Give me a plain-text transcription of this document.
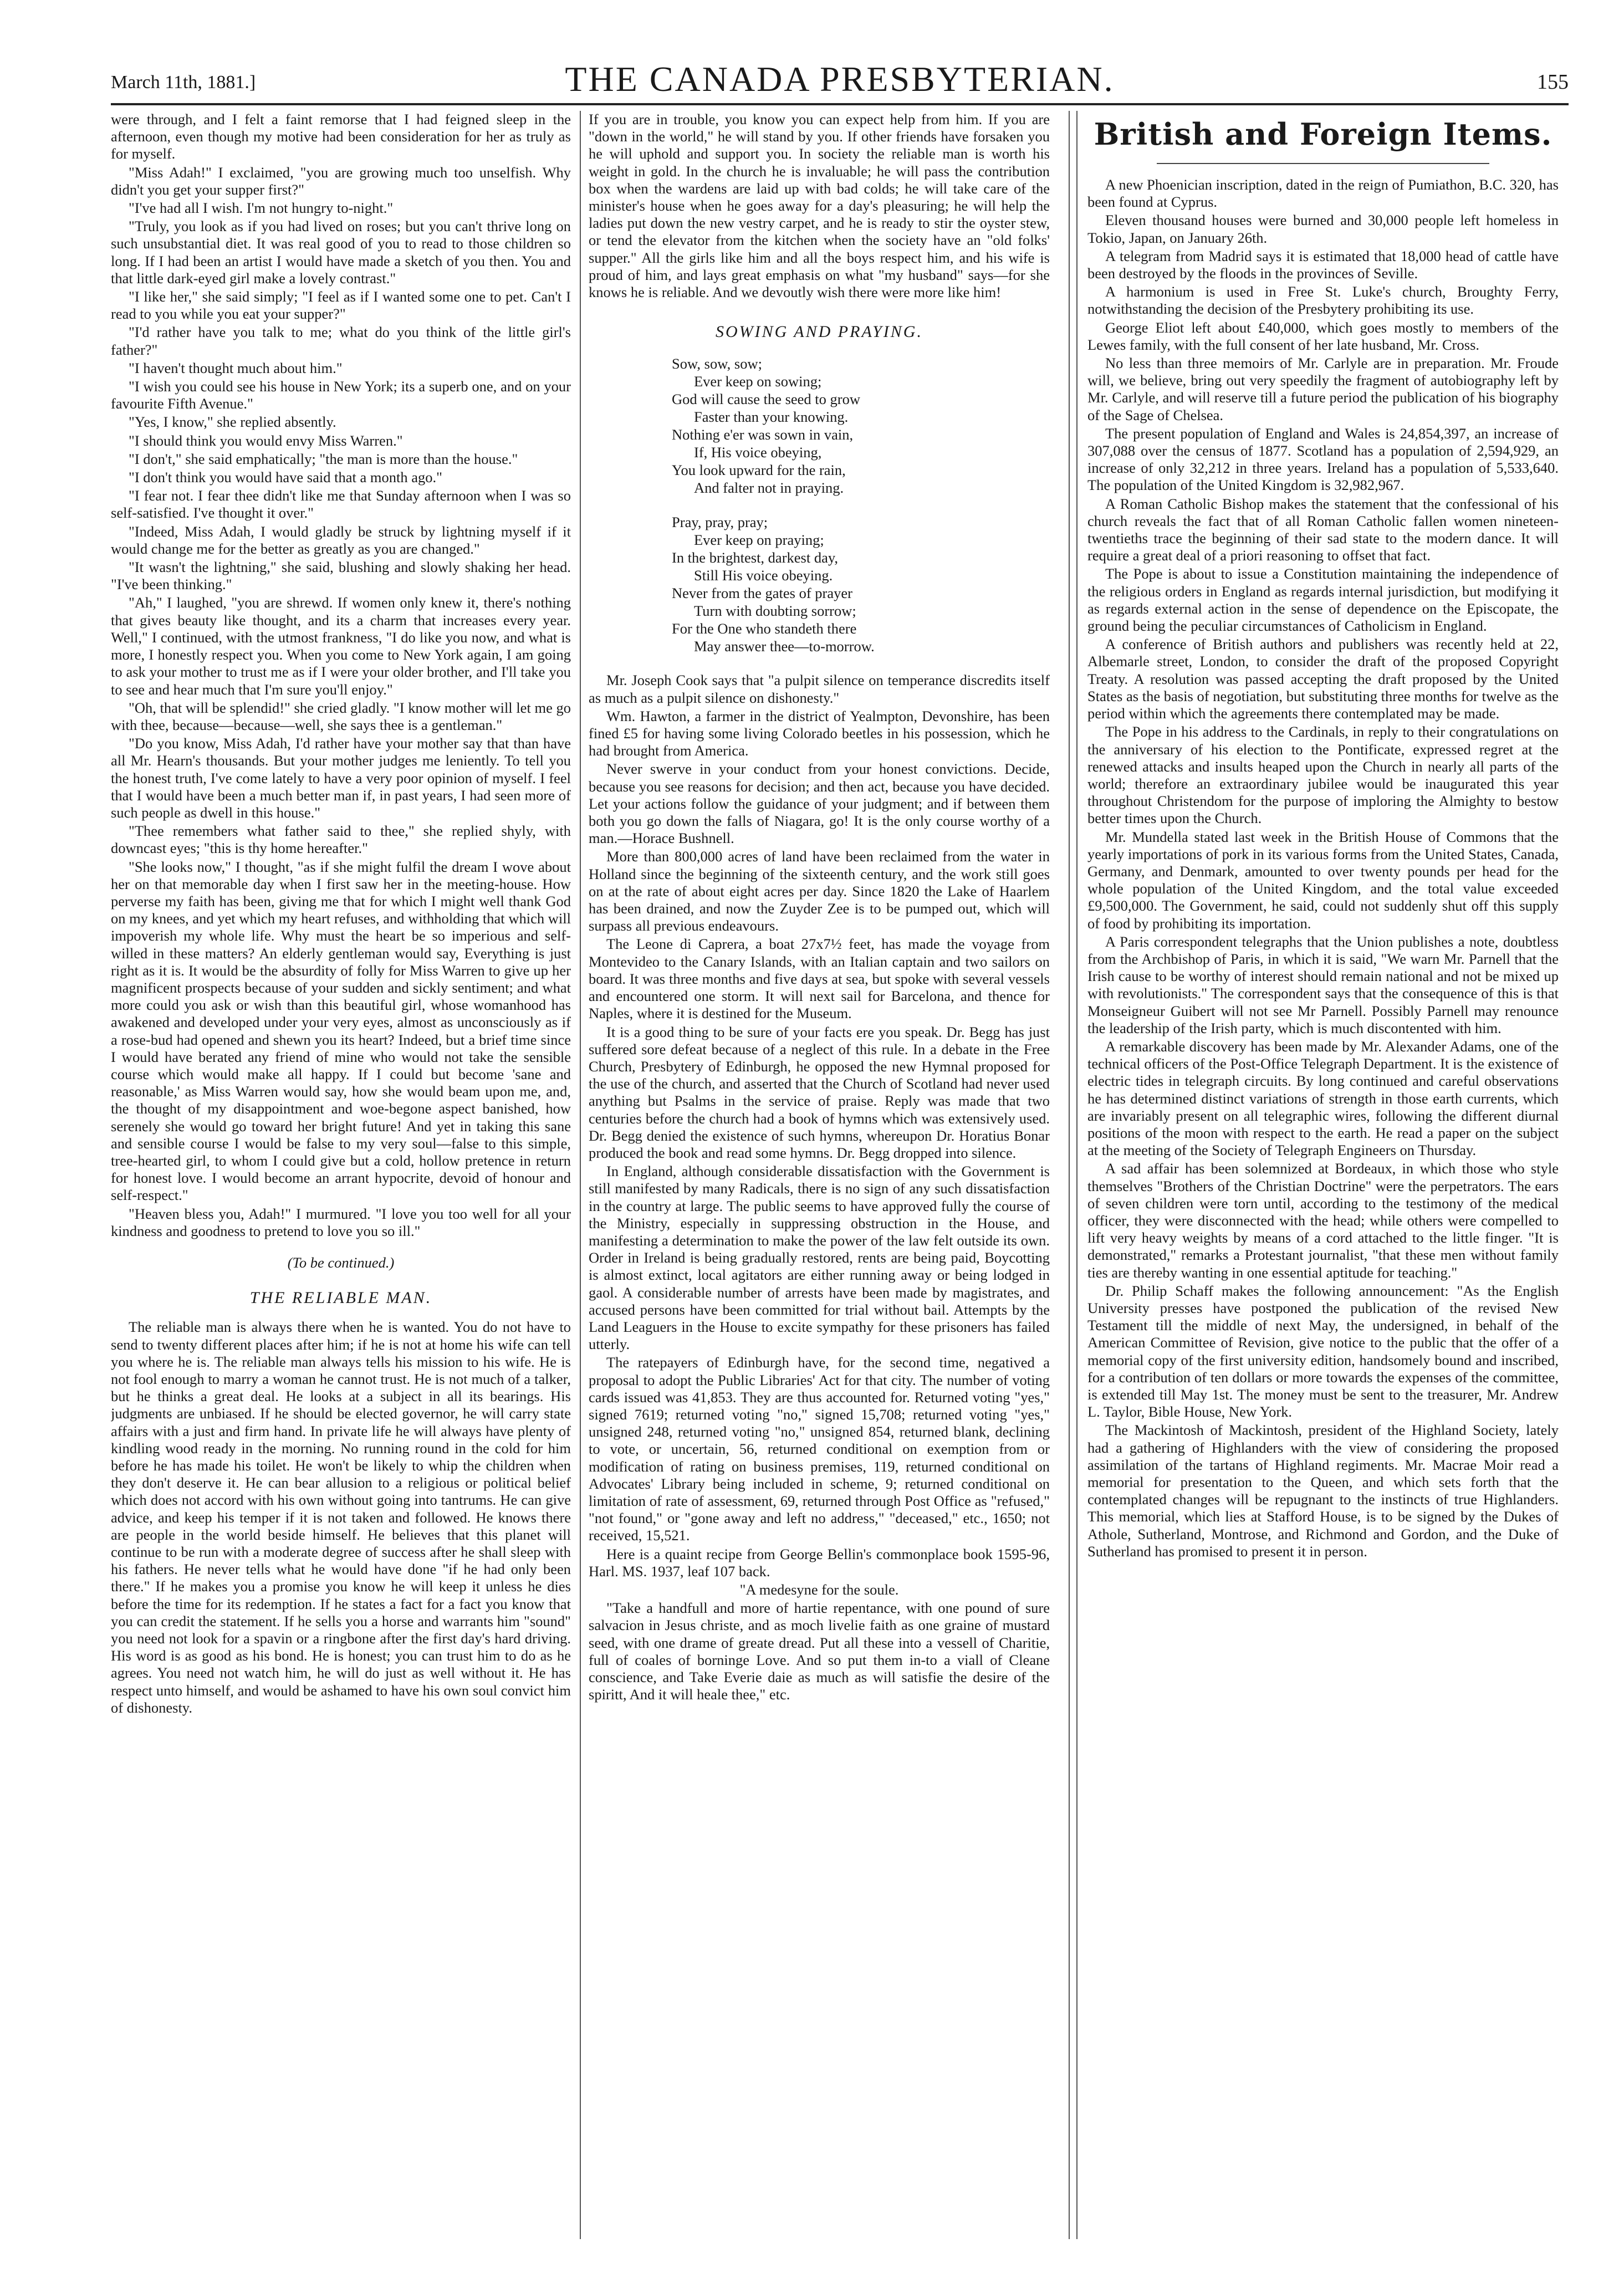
March 11th, 1881.]	THE CANADA PRESBYTERIAN.	155

were through, and I felt a faint remorse that I had feigned sleep in the afternoon, even though my motive had been consideration for her as truly as for myself.

"Miss Adah!" I exclaimed, "you are growing much too unselfish. Why didn't you get your supper first?"

"I've had all I wish. I'm not hungry to-night."

"Truly, you look as if you had lived on roses; but you can't thrive long on such unsubstantial diet. It was real good of you to read to those children so long. If I had been an artist I would have made a sketch of you then. You and that little dark-eyed girl make a lovely contrast."

"I like her," she said simply; "I feel as if I wanted some one to pet. Can't I read to you while you eat your supper?"

"I'd rather have you talk to me; what do you think of the little girl's father?"

"I haven't thought much about him."

"I wish you could see his house in New York; its a superb one, and on your favourite Fifth Avenue."

"Yes, I know," she replied absently.

"I should think you would envy Miss Warren."

"I don't," she said emphatically; "the man is more than the house."

"I don't think you would have said that a month ago."

"I fear not. I fear thee didn't like me that Sunday afternoon when I was so self-satisfied. I've thought it over."

"Indeed, Miss Adah, I would gladly be struck by lightning myself if it would change me for the better as greatly as you are changed."

"It wasn't the lightning," she said, blushing and slowly shaking her head. "I've been thinking."

"Ah," I laughed, "you are shrewd. If women only knew it, there's nothing that gives beauty like thought, and its a charm that increases every year. Well," I continued, with the utmost frankness, "I do like you now, and what is more, I honestly respect you. When you come to New York again, I am going to ask your mother to trust me as if I were your older brother, and I'll take you to see and hear much that I'm sure you'll enjoy."

"Oh, that will be splendid!" she cried gladly. "I know mother will let me go with thee, because—because—well, she says thee is a gentleman."

"Do you know, Miss Adah, I'd rather have your mother say that than have all Mr. Hearn's thousands. But your mother judges me leniently. To tell you the honest truth, I've come lately to have a very poor opinion of myself. I feel that I would have been a much better man if, in past years, I had seen more of such people as dwell in this house."

"Thee remembers what father said to thee," she replied shyly, with downcast eyes; "this is thy home hereafter."

"She looks now," I thought, "as if she might fulfil the dream I wove about her on that memorable day when I first saw her in the meeting-house. How perverse my faith has been, giving me that for which I might well thank God on my knees, and yet which my heart refuses, and withholding that which will impoverish my whole life. Why must the heart be so imperious and self-willed in these matters? An elderly gentleman would say, Everything is just right as it is. It would be the absurdity of folly for Miss Warren to give up her magnificent prospects because of your sudden and sickly sentiment; and what more could you ask or wish than this beautiful girl, whose womanhood has awakened and developed under your very eyes, almost as unconsciously as if a rose-bud had opened and shewn you its heart? Indeed, but a brief time since I would have berated any friend of mine who would not take the sensible course which would make all happy. If I could but become 'sane and reasonable,' as Miss Warren would say, how she would beam upon me, and, the thought of my disappointment and woe-begone aspect banished, how serenely she would go toward her bright future! And yet in taking this sane and sensible course I would be false to my very soul—false to this simple, tree-hearted girl, to whom I could give but a cold, hollow pretence in return for honest love. I would become an arrant hypocrite, devoid of honour and self-respect."

"Heaven bless you, Adah!" I murmured. "I love you too well for all your kindness and goodness to pretend to love you so ill."

(To be continued.)

THE RELIABLE MAN.

The reliable man is always there when he is wanted. You do not have to send to twenty different places after him; if he is not at home his wife can tell you where he is. The reliable man always tells his mission to his wife. He is not fool enough to marry a woman he cannot trust. He is not much of a talker, but he thinks a great deal. He looks at a subject in all its bearings. His judgments are unbiased. If he should be elected governor, he will carry state affairs with a just and firm hand. In private life he will always have plenty of kindling wood ready in the morning. No running round in the cold for him before he has made his toilet. He won't be likely to whip the children when they don't deserve it. He can bear allusion to a religious or political belief which does not accord with his own without going into tantrums. He can give advice, and keep his temper if it is not taken and followed. He knows there are people in the world beside himself. He believes that this planet will continue to be run with a moderate degree of success after he shall sleep with his fathers. He never tells what he would have done "if he had only been there." If he makes you a promise you know he will keep it unless he dies before the time for its redemption. If he states a fact for a fact you know that you can credit the statement. If he sells you a horse and warrants him "sound" you need not look for a spavin or a ringbone after the first day's hard driving. His word is as good as his bond. He is honest; you can trust him to do as he agrees. You need not watch him, he will do just as well without it. He has respect unto himself, and would be ashamed to have his own soul convict him of dishonesty.

If you are in trouble, you know you can expect help from him. If you are "down in the world," he will stand by you. If other friends have forsaken you he will uphold and support you. In society the reliable man is worth his weight in gold. In the church he is invaluable; he will pass the contribution box when the wardens are laid up with bad colds; he will take care of the minister's house when he goes away for a day's pleasuring; he will help the ladies put down the new vestry carpet, and he is ready to stir the oyster stew, or tend the elevator from the kitchen when the society have an "old folks' supper." All the girls like him and all the boys respect him, and his wife is proud of him, and lays great emphasis on what "my husband" says—for she knows he is reliable. And we devoutly wish there were more like him!

SOWING AND PRAYING.
Sow, sow, sow;
Ever keep on sowing;
God will cause the seed to grow
Faster than your knowing.
Nothing e'er was sown in vain,
If, His voice obeying,
You look upward for the rain,
And falter not in praying.
Pray, pray, pray;
Ever keep on praying;
In the brightest, darkest day,
Still His voice obeying.
Never from the gates of prayer
Turn with doubting sorrow;
For the One who standeth there
May answer thee—to-morrow.

Mr. Joseph Cook says that "a pulpit silence on temperance discredits itself as much as a pulpit silence on dishonesty."

Wm. Hawton, a farmer in the district of Yealmpton, Devonshire, has been fined £5 for having some living Colorado beetles in his possession, which he had brought from America.

Never swerve in your conduct from your honest convictions. Decide, because you see reasons for decision; and then act, because you have decided. Let your actions follow the guidance of your judgment; and if between them both you go down the falls of Niagara, go! It is the only course worthy of a man.—Horace Bushnell.

More than 800,000 acres of land have been reclaimed from the water in Holland since the beginning of the sixteenth century, and the work still goes on at the rate of about eight acres per day. Since 1820 the Lake of Haarlem has been drained, and now the Zuyder Zee is to be pumped out, which will surpass all previous endeavours.

The Leone di Caprera, a boat 27x7½ feet, has made the voyage from Montevideo to the Canary Islands, with an Italian captain and two sailors on board. It was three months and five days at sea, but spoke with several vessels and encountered one storm. It will next sail for Barcelona, and thence for Naples, where it is destined for the Museum.

It is a good thing to be sure of your facts ere you speak. Dr. Begg has just suffered sore defeat because of a neglect of this rule. In a debate in the Free Church, Presbytery of Edinburgh, he opposed the new Hymnal proposed for the use of the church, and asserted that the Church of Scotland had never used anything but Psalms in the service of praise. Reply was made that two centuries before the church had a book of hymns which was extensively used. Dr. Begg denied the existence of such hymns, whereupon Dr. Horatius Bonar produced the book and read some hymns. Dr. Begg dropped into silence.

In England, although considerable dissatisfaction with the Government is still manifested by many Radicals, there is no sign of any such dissatisfaction in the country at large. The public seems to have approved fully the course of the Ministry, especially in suppressing obstruction in the House, and manifesting a determination to make the power of the law felt outside its own. Order in Ireland is being gradually restored, rents are being paid, Boycotting is almost extinct, local agitators are either running away or being lodged in gaol. A considerable number of arrests have been made by magistrates, and accused persons have been committed for trial without bail. Attempts by the Land Leaguers in the House to excite sympathy for these prisoners has failed utterly.

The ratepayers of Edinburgh have, for the second time, negatived a proposal to adopt the Public Libraries' Act for that city. The number of voting cards issued was 41,853. They are thus accounted for. Returned voting "yes," signed 7619; returned voting "no," signed 15,708; returned voting "yes," unsigned 248, returned voting "no," unsigned 854, returned blank, declining to vote, or uncertain, 56, returned conditional on exemption from or modification of rating on business premises, 119, returned conditional on Advocates' Library being included in scheme, 9; returned conditional on limitation of rate of assessment, 69, returned through Post Office as "refused," "not found," or "gone away and left no address," "deceased," etc., 1650; not received, 15,521.

Here is a quaint recipe from George Bellin's commonplace book 1595-96, Harl. MS. 1937, leaf 107 back.

"A medesyne for the soule.

"Take a handfull and more of hartie repentance, with one pound of sure salvacion in Jesus christe, and as moch livelie faith as one graine of mustard seed, with one drame of greate dread. Put all these into a vessell of Charitie, full of coales of borninge Love. And so put them in-to a viall of Cleane conscience, and Take Everie daie as much as will satisfie the desire of the spiritt, And it will heale thee," etc.

British and Foreign Items.

A new Phoenician inscription, dated in the reign of Pumiathon, B.C. 320, has been found at Cyprus.

Eleven thousand houses were burned and 30,000 people left homeless in Tokio, Japan, on January 26th.

A telegram from Madrid says it is estimated that 18,000 head of cattle have been destroyed by the floods in the provinces of Seville.

A harmonium is used in Free St. Luke's church, Broughty Ferry, notwithstanding the decision of the Presbytery prohibiting its use.

George Eliot left about £40,000, which goes mostly to members of the Lewes family, with the full consent of her late husband, Mr. Cross.

No less than three memoirs of Mr. Carlyle are in preparation. Mr. Froude will, we believe, bring out very speedily the fragment of autobiography left by Mr. Carlyle, and will reserve till a future period the publication of his biography of the Sage of Chelsea.

The present population of England and Wales is 24,854,397, an increase of 307,088 over the census of 1877. Scotland has a population of 2,594,929, an increase of only 32,212 in three years. Ireland has a population of 5,533,640. The population of the United Kingdom is 32,982,967.

A Roman Catholic Bishop makes the statement that the confessional of his church reveals the fact that of all Roman Catholic fallen women nineteen-twentieths trace the beginning of their sad state to the modern dance. It will require a great deal of a priori reasoning to offset that fact.

The Pope is about to issue a Constitution maintaining the independence of the religious orders in England as regards internal jurisdiction, but modifying it as regards external action in the sense of dependence on the Episcopate, the ground being the peculiar circumstances of Catholicism in England.

A conference of British authors and publishers was recently held at 22, Albemarle street, London, to consider the draft of the proposed Copyright Treaty. A resolution was passed accepting the draft proposed by the United States as the basis of negotiation, but substituting three months for twelve as the period within which the agreements there contemplated may be made.

The Pope in his address to the Cardinals, in reply to their congratulations on the anniversary of his election to the Pontificate, expressed regret at the renewed attacks and insults heaped upon the Church in nearly all parts of the world; therefore an extraordinary jubilee would be inaugurated this year throughout Christendom for the purpose of imploring the Almighty to bestow better times upon the Church.

Mr. Mundella stated last week in the British House of Commons that the yearly importations of pork in its various forms from the United States, Canada, Germany, and Denmark, amounted to over twenty pounds per head for the whole population of the United Kingdom, and the total value exceeded £9,500,000. The Government, he said, could not suddenly shut off this supply of food by prohibiting its importation.

A Paris correspondent telegraphs that the Union publishes a note, doubtless from the Archbishop of Paris, in which it is said, "We warn Mr. Parnell that the Irish cause to be worthy of interest should remain national and not be mixed up with revolutionists." The correspondent says that the consequence of this is that Monseigneur Guibert will not see Mr Parnell. Possibly Parnell may renounce the leadership of the Irish party, which is much discontented with him.

A remarkable discovery has been made by Mr. Alexander Adams, one of the technical officers of the Post-Office Telegraph Department. It is the existence of electric tides in telegraph circuits. By long continued and careful observations he has determined distinct variations of strength in those earth currents, which are invariably present on all telegraphic wires, following the different diurnal positions of the moon with respect to the earth. He read a paper on the subject at the meeting of the Society of Telegraph Engineers on Thursday.

A sad affair has been solemnized at Bordeaux, in which those who style themselves "Brothers of the Christian Doctrine" were the perpetrators. The ears of seven children were torn until, according to the testimony of the medical officer, they were disconnected with the head; while others were compelled to lift very heavy weights by means of a cord attached to the little finger. "It is demonstrated," remarks a Protestant journalist, "that these men without family ties are thereby wanting in one essential aptitude for teaching."

Dr. Philip Schaff makes the following announcement: "As the English University presses have postponed the publication of the revised New Testament till the middle of next May, the undersigned, in behalf of the American Committee of Revision, give notice to the public that the offer of a memorial copy of the first university edition, handsomely bound and inscribed, for a contribution of ten dollars or more towards the expenses of the committee, is extended till May 1st. The money must be sent to the treasurer, Mr. Andrew L. Taylor, Bible House, New York.

The Mackintosh of Mackintosh, president of the Highland Society, lately had a gathering of Highlanders with the view of considering the proposed assimilation of the tartans of Highland regiments. Mr. Macrae Moir read a memorial for presentation to the Queen, and which sets forth that the contemplated changes will be repugnant to the instincts of true Highlanders. This memorial, which lies at Stafford House, is to be signed by the Dukes of Athole, Sutherland, Montrose, and Richmond and Gordon, and the Duke of Sutherland has promised to present it in person.
